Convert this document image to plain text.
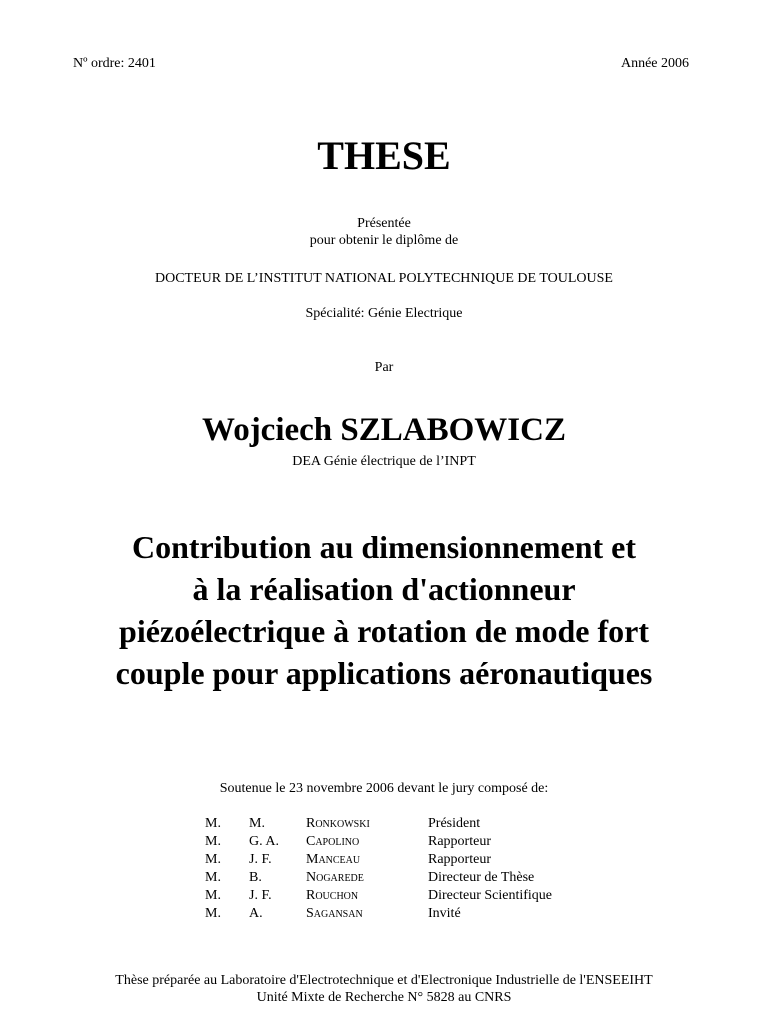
Nº ordre: 2401	Année 2006
THESE
Présentée
pour obtenir le diplôme de
DOCTEUR DE L’INSTITUT NATIONAL POLYTECHNIQUE DE TOULOUSE
Spécialité: Génie Electrique
Par
Wojciech SZLABOWICZ
DEA Génie électrique de l’INPT
Contribution au dimensionnement et
à la réalisation d'actionneur
piézoélectrique à rotation de mode fort
couple pour applications aéronautiques
Soutenue le 23 novembre 2006 devant le jury composé de:
M.	M.	Ronkowski	Président
M.	G. A.	Capolino	Rapporteur
M.	J. F.	Manceau	Rapporteur
M.	B.	Nogarede	Directeur de Thèse
M.	J. F.	Rouchon	Directeur Scientifique
M.	A.	Sagansan	Invité
Thèse préparée au Laboratoire d'Electrotechnique et d'Electronique Industrielle de l'ENSEEIHT
Unité Mixte de Recherche N° 5828 au CNRS
